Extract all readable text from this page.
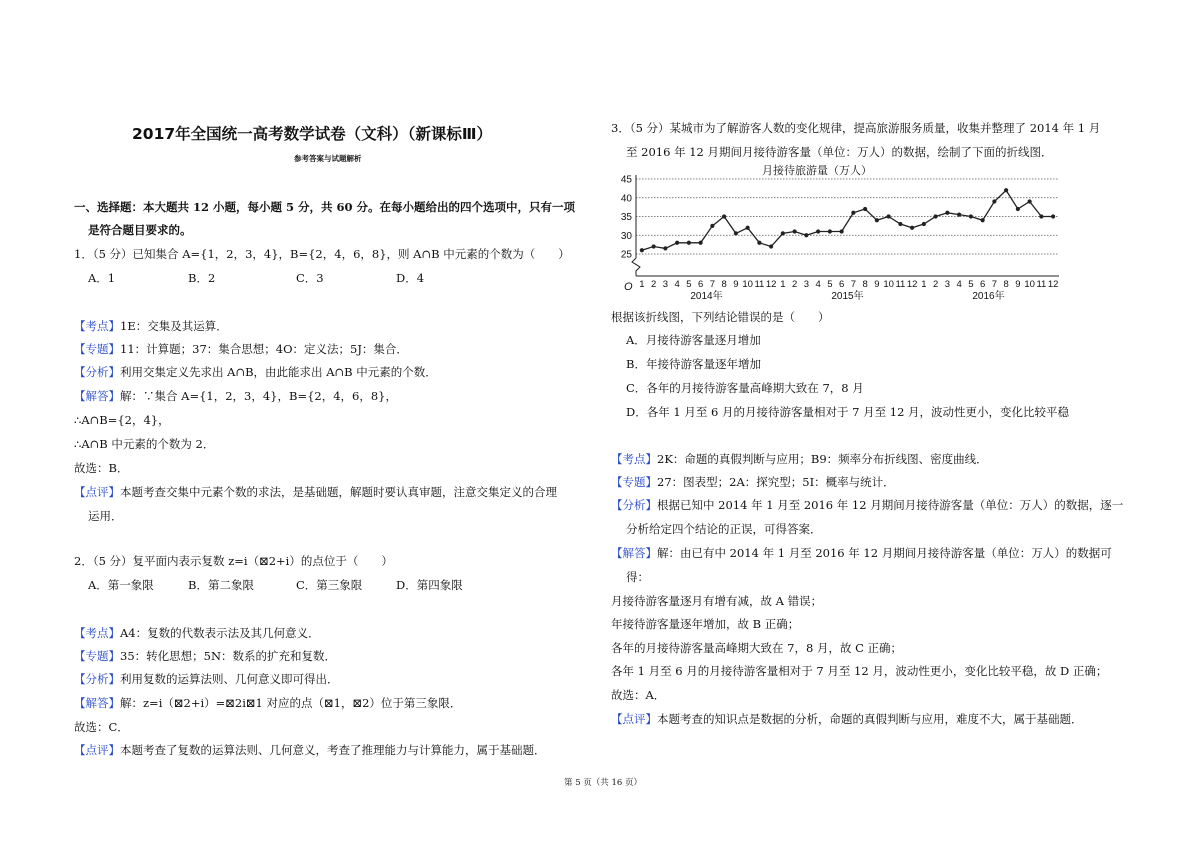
2017年全国统一高考数学试卷（文科）（新课标Ⅲ）
参考答案与试题解析
一、选择题：本大题共 12 小题，每小题 5 分，共 60 分。在每小题给出的四个选项中，只有一项
是符合题目要求的。
1．（5 分）已知集合 A={1，2，3，4}，B={2，4，6，8}，则 A∩B 中元素的个数为（　　）
A．1	B．2	C．3	D．4
【考点】1E：交集及其运算．
【专题】11：计算题；37：集合思想；4O：定义法；5J：集合．
【分析】利用交集定义先求出 A∩B，由此能求出 A∩B 中元素的个数．
【解答】解：∵集合 A={1，2，3，4}，B={2，4，6，8}，
∴A∩B={2，4}，
∴A∩B 中元素的个数为 2．
故选：B．
【点评】本题考查交集中元素个数的求法，是基础题，解题时要认真审题，注意交集定义的合理
运用．
2．（5 分）复平面内表示复数 z=i（⊠2+i）的点位于（　　）
A．第一象限	B．第二象限	C．第三象限	D．第四象限
【考点】A4：复数的代数表示法及其几何意义．
【专题】35：转化思想；5N：数系的扩充和复数．
【分析】利用复数的运算法则、几何意义即可得出．
【解答】解：z=i（⊠2+i）=⊠2i⊠1 对应的点（⊠1，⊠2）位于第三象限．
故选：C．
【点评】本题考查了复数的运算法则、几何意义，考查了推理能力与计算能力，属于基础题．
3．（5 分）某城市为了解游客人数的变化规律，提高旅游服务质量，收集并整理了 2014 年 1 月
至 2016 年 12 月期间月接待游客量（单位：万人）的数据，绘制了下面的折线图．
月接待旅游量（万人）
25
30
35
40
45
O 1 2 3 4 5 6 7 8 9 10 11 12 1 2 3 4 5 6 7 8 9 10 11 12 1 2 3 4 5 6 7 8 9 10 11 12
2014年	2015年	2016年
根据该折线图，下列结论错误的是（　　）
A．月接待游客量逐月增加
B．年接待游客量逐年增加
C．各年的月接待游客量高峰期大致在 7，8 月
D．各年 1 月至 6 月的月接待游客量相对于 7 月至 12 月，波动性更小，变化比较平稳
【考点】2K：命题的真假判断与应用；B9：频率分布折线图、密度曲线．
【专题】27：图表型；2A：探究型；5I：概率与统计．
【分析】根据已知中 2014 年 1 月至 2016 年 12 月期间月接待游客量（单位：万人）的数据，逐一
分析给定四个结论的正误，可得答案．
【解答】解：由已有中 2014 年 1 月至 2016 年 12 月期间月接待游客量（单位：万人）的数据可
得：
月接待游客量逐月有增有减，故 A 错误；
年接待游客量逐年增加，故 B 正确；
各年的月接待游客量高峰期大致在 7，8 月，故 C 正确；
各年 1 月至 6 月的月接待游客量相对于 7 月至 12 月，波动性更小，变化比较平稳，故 D 正确；
故选：A．
【点评】本题考查的知识点是数据的分析，命题的真假判断与应用，难度不大，属于基础题．
第 5 页（共 16 页）
